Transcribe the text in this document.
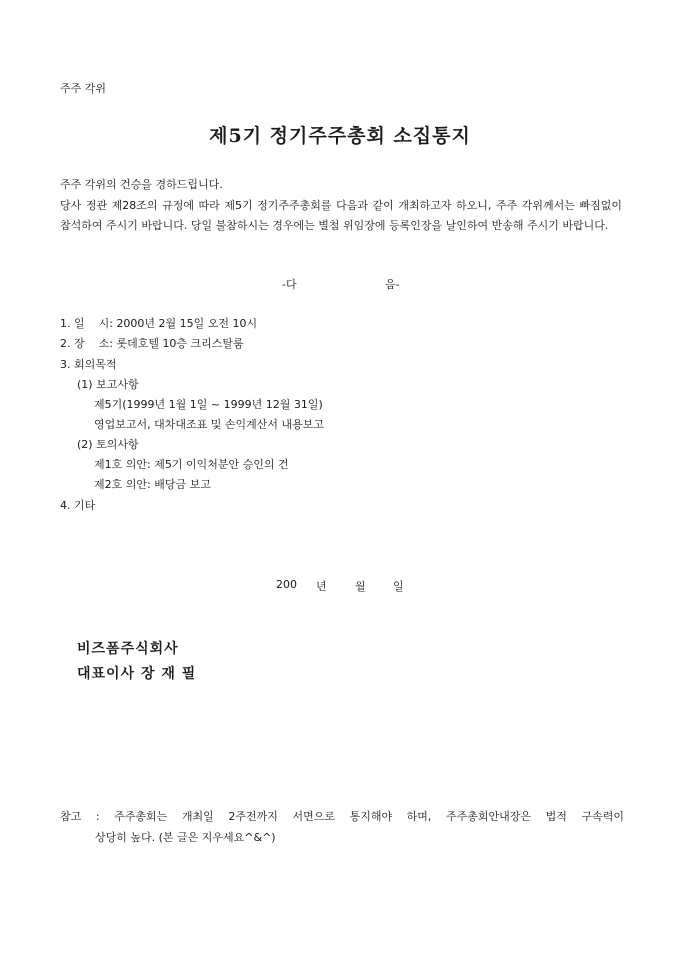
주주 각위
제5기 정기주주총회 소집통지
주주 각위의 건승을 경하드립니다.
당사 정관 제28조의 규정에 따라 제5기 정기주주총회를 다음과 같이 개최하고자 하오니, 주주 각위께서는 빠짐없이 참석하여 주시기 바랍니다. 당일 불참하시는 경우에는 별첨 위임장에 등록인장을 날인하여 반송해 주시기 바랍니다.
-다	음-
1. 일    시: 2000년 2월 15일 오전 10시
2. 장    소: 롯데호텔 10층 크리스탈룸
3. 회의목적
(1) 보고사항
제5기(1999년 1월 1일 ~ 1999년 12월 31일)
영업보고서, 대차대조표 및 손익계산서 내용보고
(2) 토의사항
제1호 의안: 제5기 이익처분안 승인의 건
제2호 의안: 배당금 보고
4. 기타
200 년	월 일
비즈폼주식회사
대표이사 장 재 필
참고 : 주주총회는 개최일 2주전까지 서면으로 통지해야 하며, 주주총회안내장은 법적 구속력이
상당히 높다. (본 글은 지우세요^&^)
